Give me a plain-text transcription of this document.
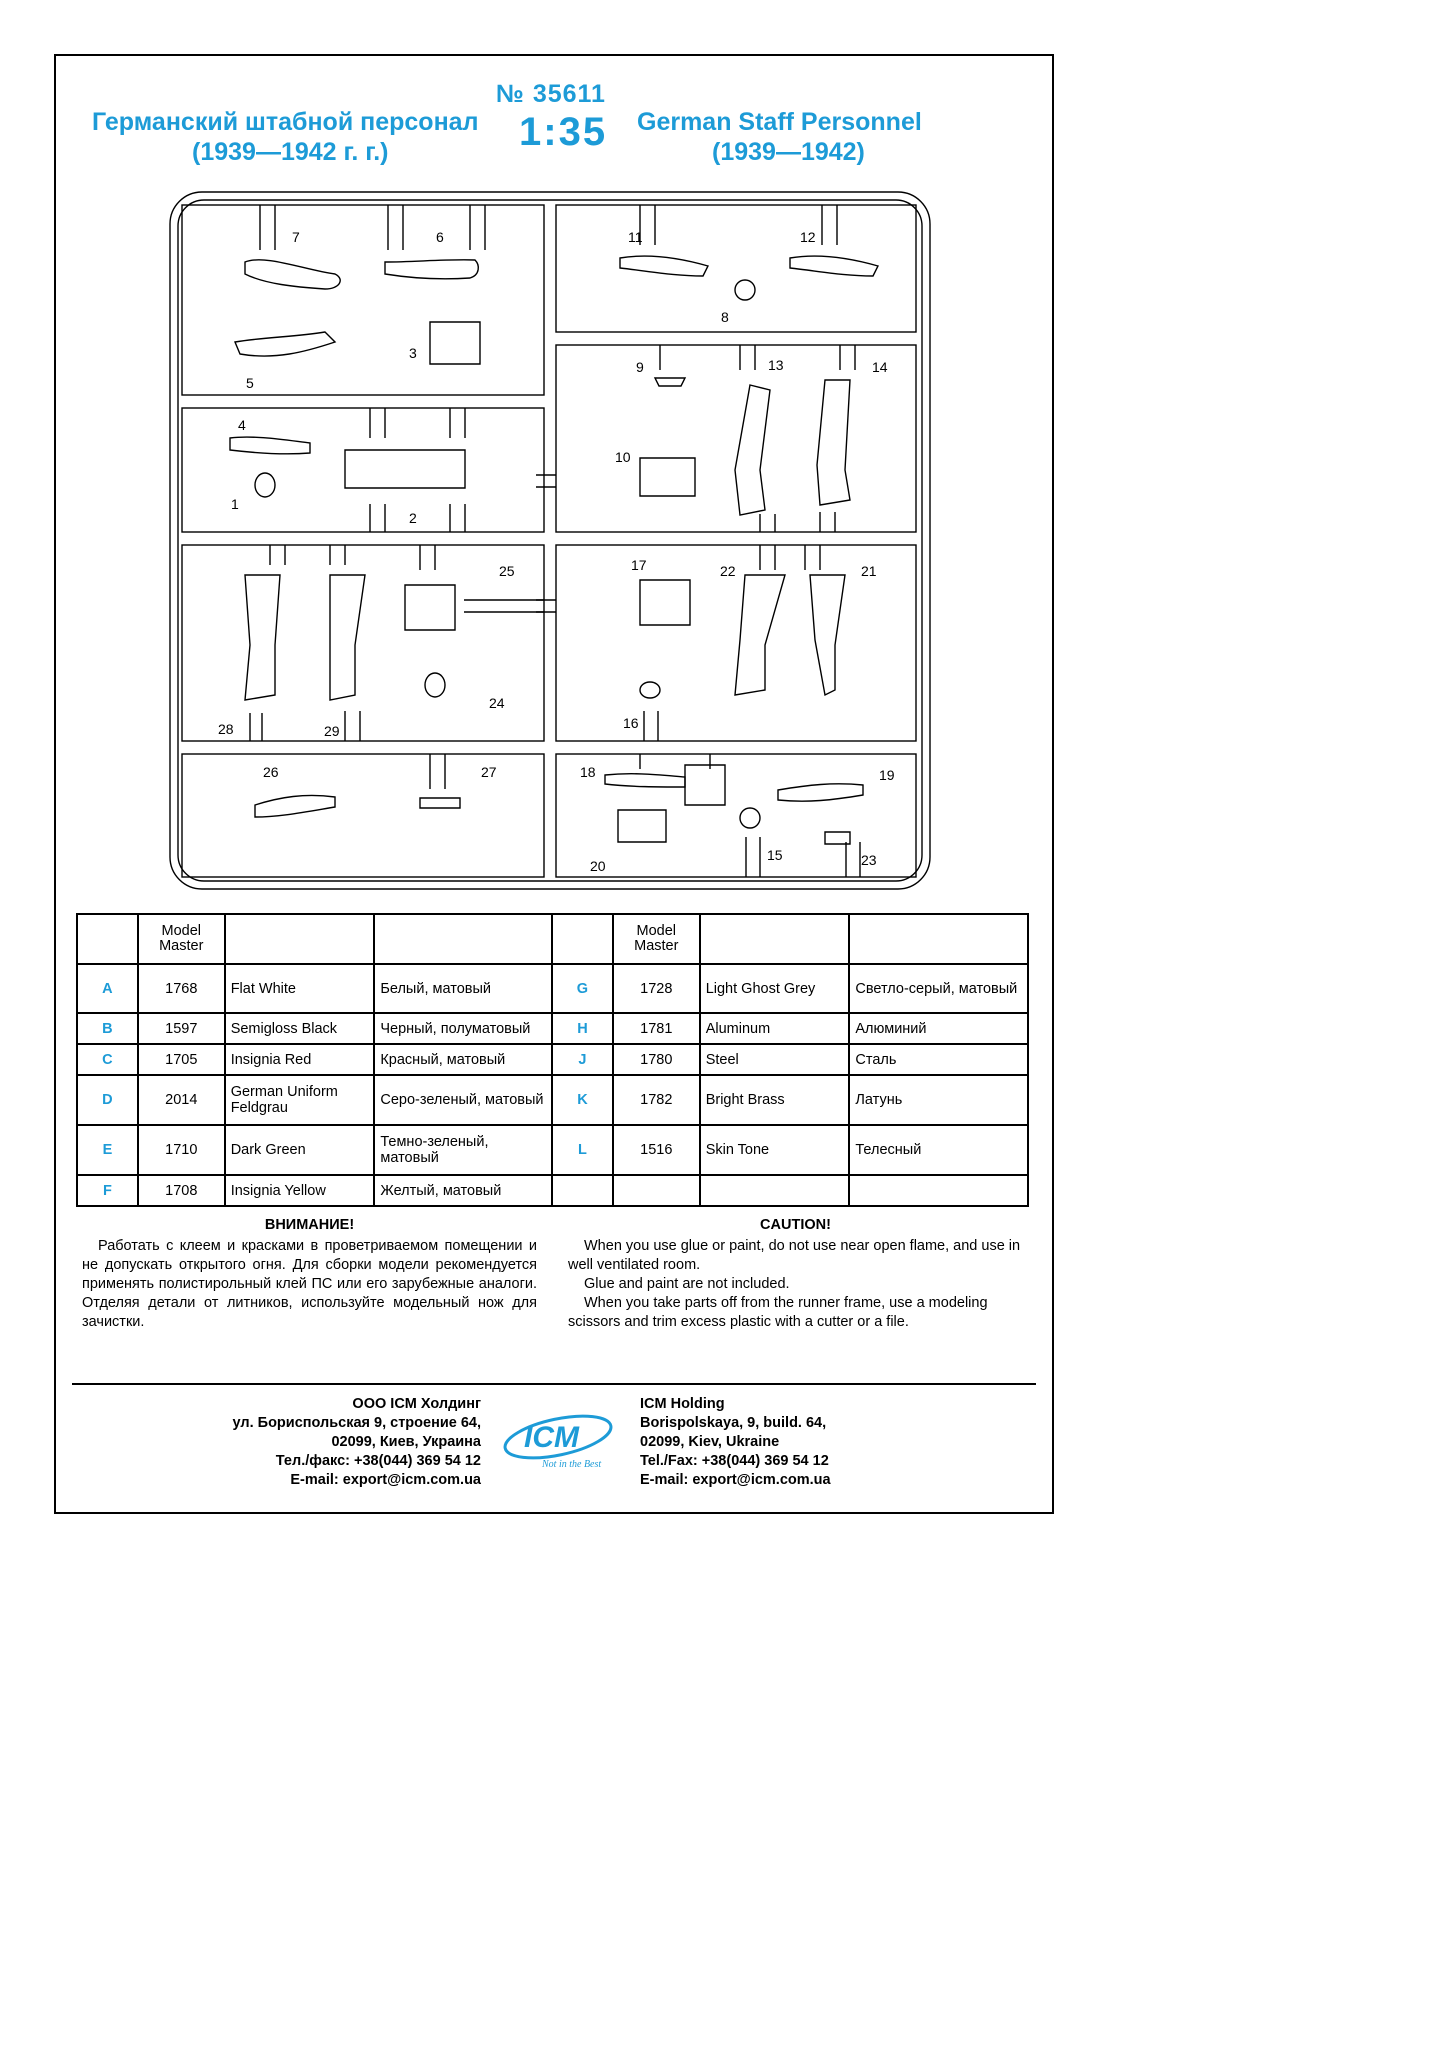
№ 35611
1:35
Германский штабной персонал
(1939—1942 г. г.)
German Staff Personnel
(1939—1942)
7	6	11	12
8
5
3
9	13	14
4
10
1
2
25	17	22	21
28	29
24
16
26	27	18	19
15
20	23
	Model Master				Model Master		
A	1768	Flat White	Белый, матовый	G	1728	Light Ghost Grey	Светло-серый, матовый
B	1597	Semigloss Black	Черный, полуматовый	H	1781	Aluminum	Алюминий
C	1705	Insignia Red	Красный, матовый	J	1780	Steel	Сталь
D	2014	German Uniform Feldgrau	Серо-зеленый, матовый	K	1782	Bright Brass	Латунь
E	1710	Dark Green	Темно-зеленый, матовый	L	1516	Skin Tone	Телесный
F	1708	Insignia Yellow	Желтый, матовый				
ВНИМАНИЕ!

Работать с клеем и красками в проветриваемом помещении и не допускать открытого огня. Для сборки модели рекомендуется применять полистирольный клей ПС или его зарубежные аналоги. Отделяя детали от литников, используйте модельный нож для зачистки.

CAUTION!

When you use glue or paint, do not use near open flame, and use in well ventilated room.

Glue and paint are not included.

When you take parts off from the runner frame, use a modeling scissors and trim excess plastic with a cutter or a file.

ООО ICM Холдинг
ул. Бориспольская 9, строение 64,
02099, Киев, Украина
Тел./факс: +38(044) 369 54 12
E-mail: export@icm.com.ua
ICM
Not in the Best
ICM Holding
Borispolskaya, 9, build. 64,
02099, Kiev, Ukraine
Tel./Fax: +38(044) 369 54 12
E-mail: export@icm.com.ua
